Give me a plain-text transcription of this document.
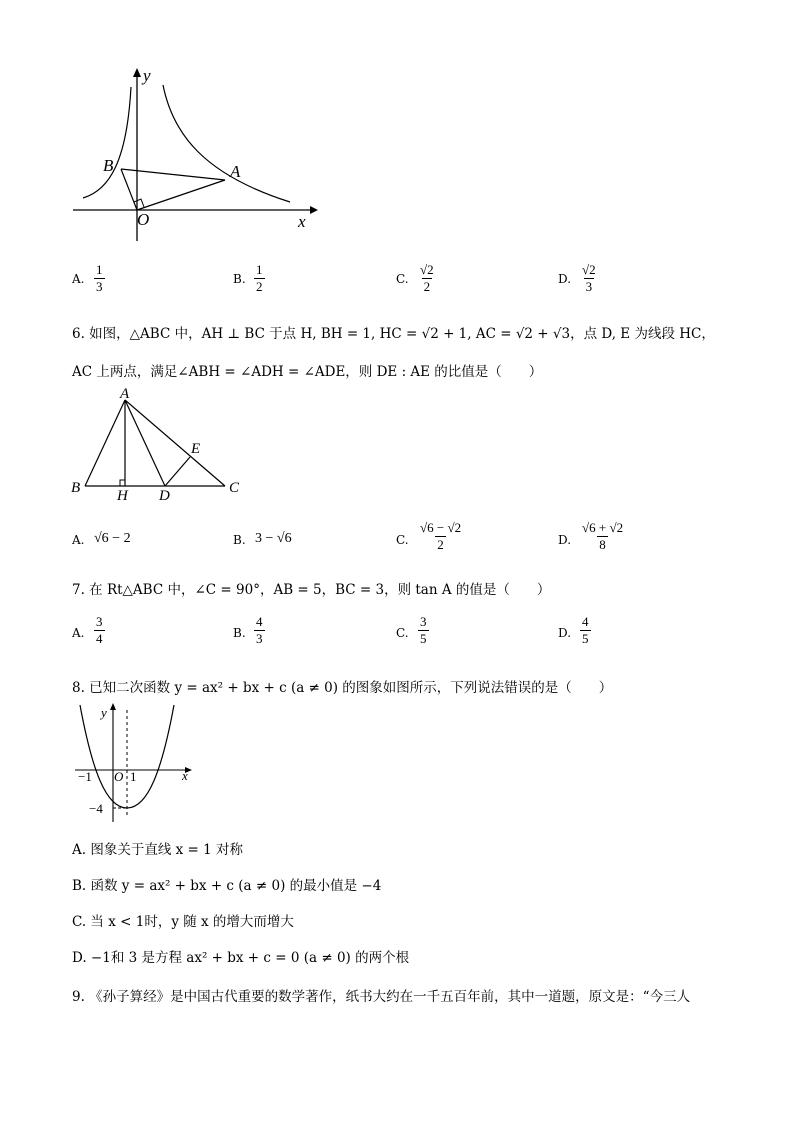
y
x
B	A
O
A. $\frac{1}{3}$	B. $\frac{1}{2}$	C. $\frac{√2}{2}$	D. $\frac{√2}{3}$
6. 如图，△ABC 中，AH ⊥ BC 于点 H, BH = 1, HC = √2 + 1, AC = √2 + √3，点 D, E 为线段 HC，
AC 上两点，满足∠ABH = ∠ADH = ∠ADE，则 DE : AE 的比值是（　　）
A
B	C
H D
E
A. √6 − 2	B. 3 − √6	C. $\frac{√6 - √2}{2}$	D. $\frac{√6 + √2}{8}$
7. 在 Rt△ABC 中，∠C = 90°，AB = 5，BC = 3，则 tan A 的值是（　　）
A. $\frac{3}{4}$	B. $\frac{4}{3}$	C. $\frac{3}{5}$	D. $\frac{4}{5}$
8. 已知二次函数 y = ax² + bx + c (a ≠ 0) 的图象如图所示，下列说法错误的是（　　）
y
x
−1 O 1
−4
A. 图象关于直线 x = 1 对称
B. 函数 y = ax² + bx + c (a ≠ 0) 的最小值是 −4
C. 当 x < 1时，y 随 x 的增大而增大
D. −1和 3 是方程 ax² + bx + c = 0 (a ≠ 0) 的两个根
9. 《孙子算经》是中国古代重要的数学著作，纸书大约在一千五百年前，其中一道题，原文是：“今三人
